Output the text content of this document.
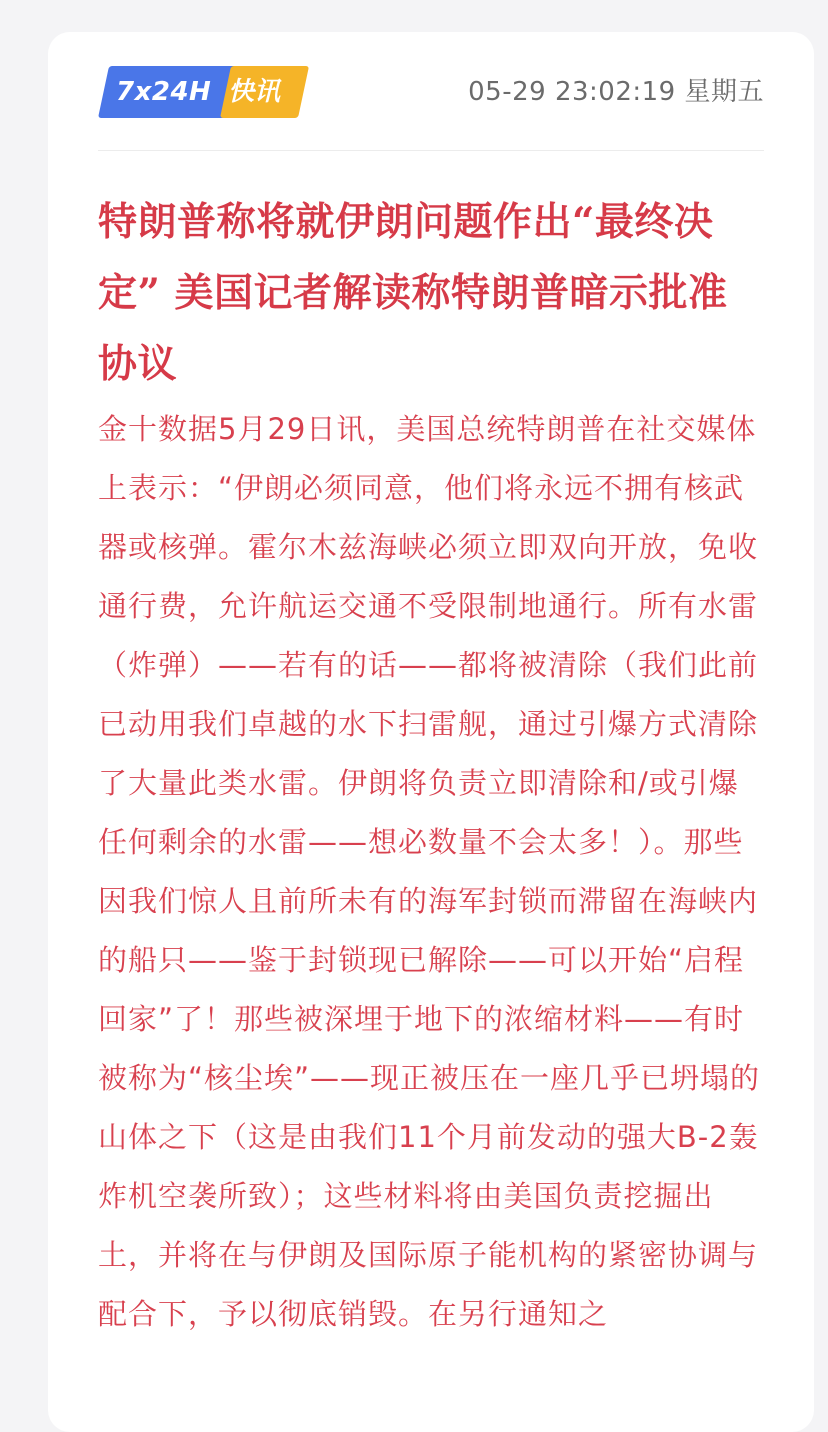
7x24H 快讯	05-29 23:02:19 星期五
特朗普称将就伊朗问题作出“最终决定” 美国记者解读称特朗普暗示批准协议

金十数据5月29日讯，美国总统特朗普在社交媒体上表示：“伊朗必须同意，他们将永远不拥有核武器或核弹。霍尔木兹海峡必须立即双向开放，免收通行费，允许航运交通不受限制地通行。所有水雷（炸弹）——若有的话——都将被清除（我们此前已动用我们卓越的水下扫雷舰，通过引爆方式清除了大量此类水雷。伊朗将负责立即清除和/或引爆任何剩余的水雷——想必数量不会太多！）。那些因我们惊人且前所未有的海军封锁而滞留在海峡内的船只——鉴于封锁现已解除——可以开始“启程回家”了！那些被深埋于地下的浓缩材料——有时被称为“核尘埃”——现正被压在一座几乎已坍塌的山体之下（这是由我们11个月前发动的强大B-2轰炸机空袭所致）；这些材料将由美国负责挖掘出土，并将在与伊朗及国际原子能机构的紧密协调与配合下，予以彻底销毁。在另行通知之
